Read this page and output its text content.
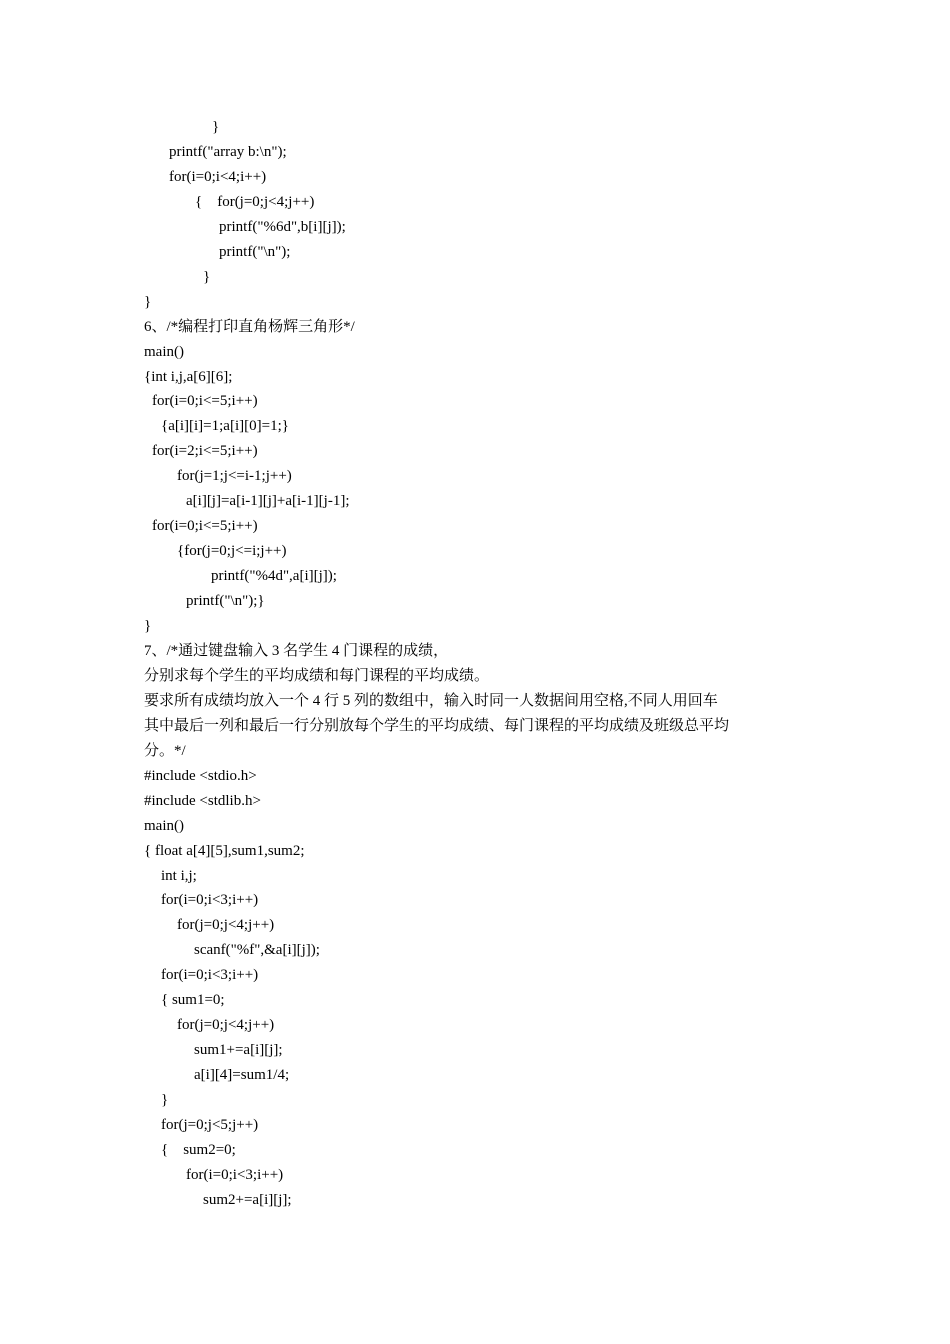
}
printf("array b:\n");
for(i=0;i<4;i++)
{    for(j=0;j<4;j++)
printf("%6d",b[i][j]);
printf("\n");
}
}
6、/*编程打印直角杨辉三角形*/
main()
{int i,j,a[6][6];
for(i=0;i<=5;i++)
{a[i][i]=1;a[i][0]=1;}
for(i=2;i<=5;i++)
for(j=1;j<=i-1;j++)
a[i][j]=a[i-1][j]+a[i-1][j-1];
for(i=0;i<=5;i++)
{for(j=0;j<=i;j++)
printf("%4d",a[i][j]);
printf("\n");}
}
7、/*通过键盘输入 3 名学生 4 门课程的成绩，
分别求每个学生的平均成绩和每门课程的平均成绩。
要求所有成绩均放入一个 4 行 5 列的数组中，输入时同一人数据间用空格,不同人用回车
其中最后一列和最后一行分别放每个学生的平均成绩、每门课程的平均成绩及班级总平均
分。*/
#include <stdio.h>
#include <stdlib.h>
main()
{ float a[4][5],sum1,sum2;
int i,j;
for(i=0;i<3;i++)
for(j=0;j<4;j++)
scanf("%f",&a[i][j]);
for(i=0;i<3;i++)
{ sum1=0;
for(j=0;j<4;j++)
sum1+=a[i][j];
a[i][4]=sum1/4;
}
for(j=0;j<5;j++)
{    sum2=0;
for(i=0;i<3;i++)
sum2+=a[i][j];
